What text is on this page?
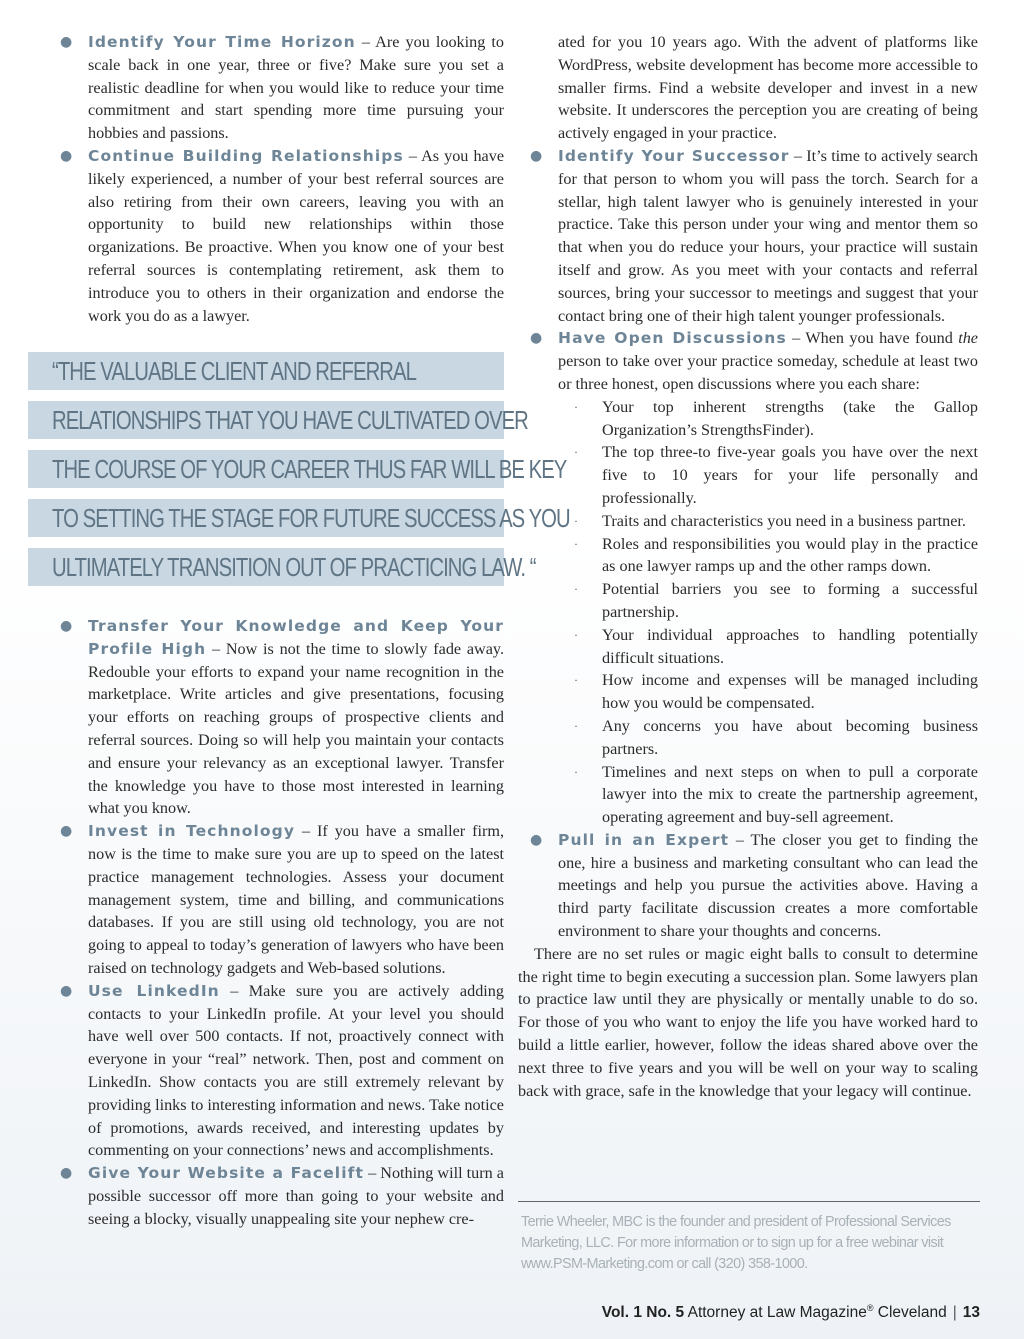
● Identify Your Time Horizon – Are you looking to scale back in one year, three or five? Make sure you set a realistic deadline for when you would like to reduce your time commitment and start spending more time pursuing your hobbies and passions.

● Continue Building Relationships – As you have likely experienced, a number of your best referral sources are also retiring from their own careers, leaving you with an opportunity to build new relationships within those organizations. Be proactive. When you know one of your best referral sources is contemplating retirement, ask them to introduce you to others in their organization and endorse the work you do as a lawyer.

“THE VALUABLE CLIENT AND REFERRAL
RELATIONSHIPS THAT YOU HAVE CULTIVATED OVER
THE COURSE OF YOUR CAREER THUS FAR WILL BE KEY
TO SETTING THE STAGE FOR FUTURE SUCCESS AS YOU
ULTIMATELY TRANSITION OUT OF PRACTICING LAW. “

● Transfer Your Knowledge and Keep Your Profile High – Now is not the time to slowly fade away. Redouble your efforts to expand your name recognition in the marketplace. Write articles and give presentations, focusing your efforts on reaching groups of prospective clients and referral sources. Doing so will help you maintain your contacts and ensure your relevancy as an exceptional lawyer. Transfer the knowledge you have to those most interested in learning what you know.

● Invest in Technology – If you have a smaller firm, now is the time to make sure you are up to speed on the latest practice management technologies. Assess your document management system, time and billing, and communications databases. If you are still using old technology, you are not going to appeal to today’s generation of lawyers who have been raised on technology gadgets and Web-based solutions.

● Use LinkedIn – Make sure you are actively adding contacts to your LinkedIn profile. At your level you should have well over 500 contacts. If not, proactively connect with everyone in your “real” network. Then, post and comment on LinkedIn. Show contacts you are still extremely relevant by providing links to interesting information and news. Take notice of promotions, awards received, and interesting updates by commenting on your connections’ news and accomplishments.

● Give Your Website a Facelift – Nothing will turn a possible successor off more than going to your website and seeing a blocky, visually unappealing site your nephew cre-

ated for you 10 years ago. With the advent of platforms like WordPress, website development has become more accessible to smaller firms. Find a website developer and invest in a new website. It underscores the perception you are creating of being actively engaged in your practice.

● Identify Your Successor – It’s time to actively search for that person to whom you will pass the torch. Search for a stellar, high talent lawyer who is genuinely interested in your practice. Take this person under your wing and mentor them so that when you do reduce your hours, your practice will sustain itself and grow. As you meet with your contacts and referral sources, bring your successor to meetings and suggest that your contact bring one of their high talent younger professionals.

● Have Open Discussions – When you have found the person to take over your practice someday, schedule at least two or three honest, open discussions where you each share:

· Your top inherent strengths (take the Gallop Organization’s StrengthsFinder).
· The top three-to five-year goals you have over the next five to 10 years for your life personally and professionally.
· Traits and characteristics you need in a business partner.
· Roles and responsibilities you would play in the practice as one lawyer ramps up and the other ramps down.
· Potential barriers you see to forming a successful partnership.
· Your individual approaches to handling potentially difficult situations.
· How income and expenses will be managed including how you would be compensated.
· Any concerns you have about becoming business partners.
· Timelines and next steps on when to pull a corporate lawyer into the mix to create the partnership agreement, operating agreement and buy-sell agreement.

● Pull in an Expert – The closer you get to finding the one, hire a business and marketing consultant who can lead the meetings and help you pursue the activities above. Having a third party facilitate discussion creates a more comfortable environment to share your thoughts and concerns.

There are no set rules or magic eight balls to consult to determine the right time to begin executing a succession plan. Some lawyers plan to practice law until they are physically or mentally unable to do so. For those of you who want to enjoy the life you have worked hard to build a little earlier, however, follow the ideas shared above over the next three to five years and you will be well on your way to scaling back with grace, safe in the knowledge that your legacy will continue.

Terrie Wheeler, MBC is the founder and president of Professional Services Marketing, LLC. For more information or to sign up for a free webinar visit www.PSM-Marketing.com or call (320) 358-1000.
Vol. 1 No. 5 Attorney at Law Magazine® Cleveland | 13
